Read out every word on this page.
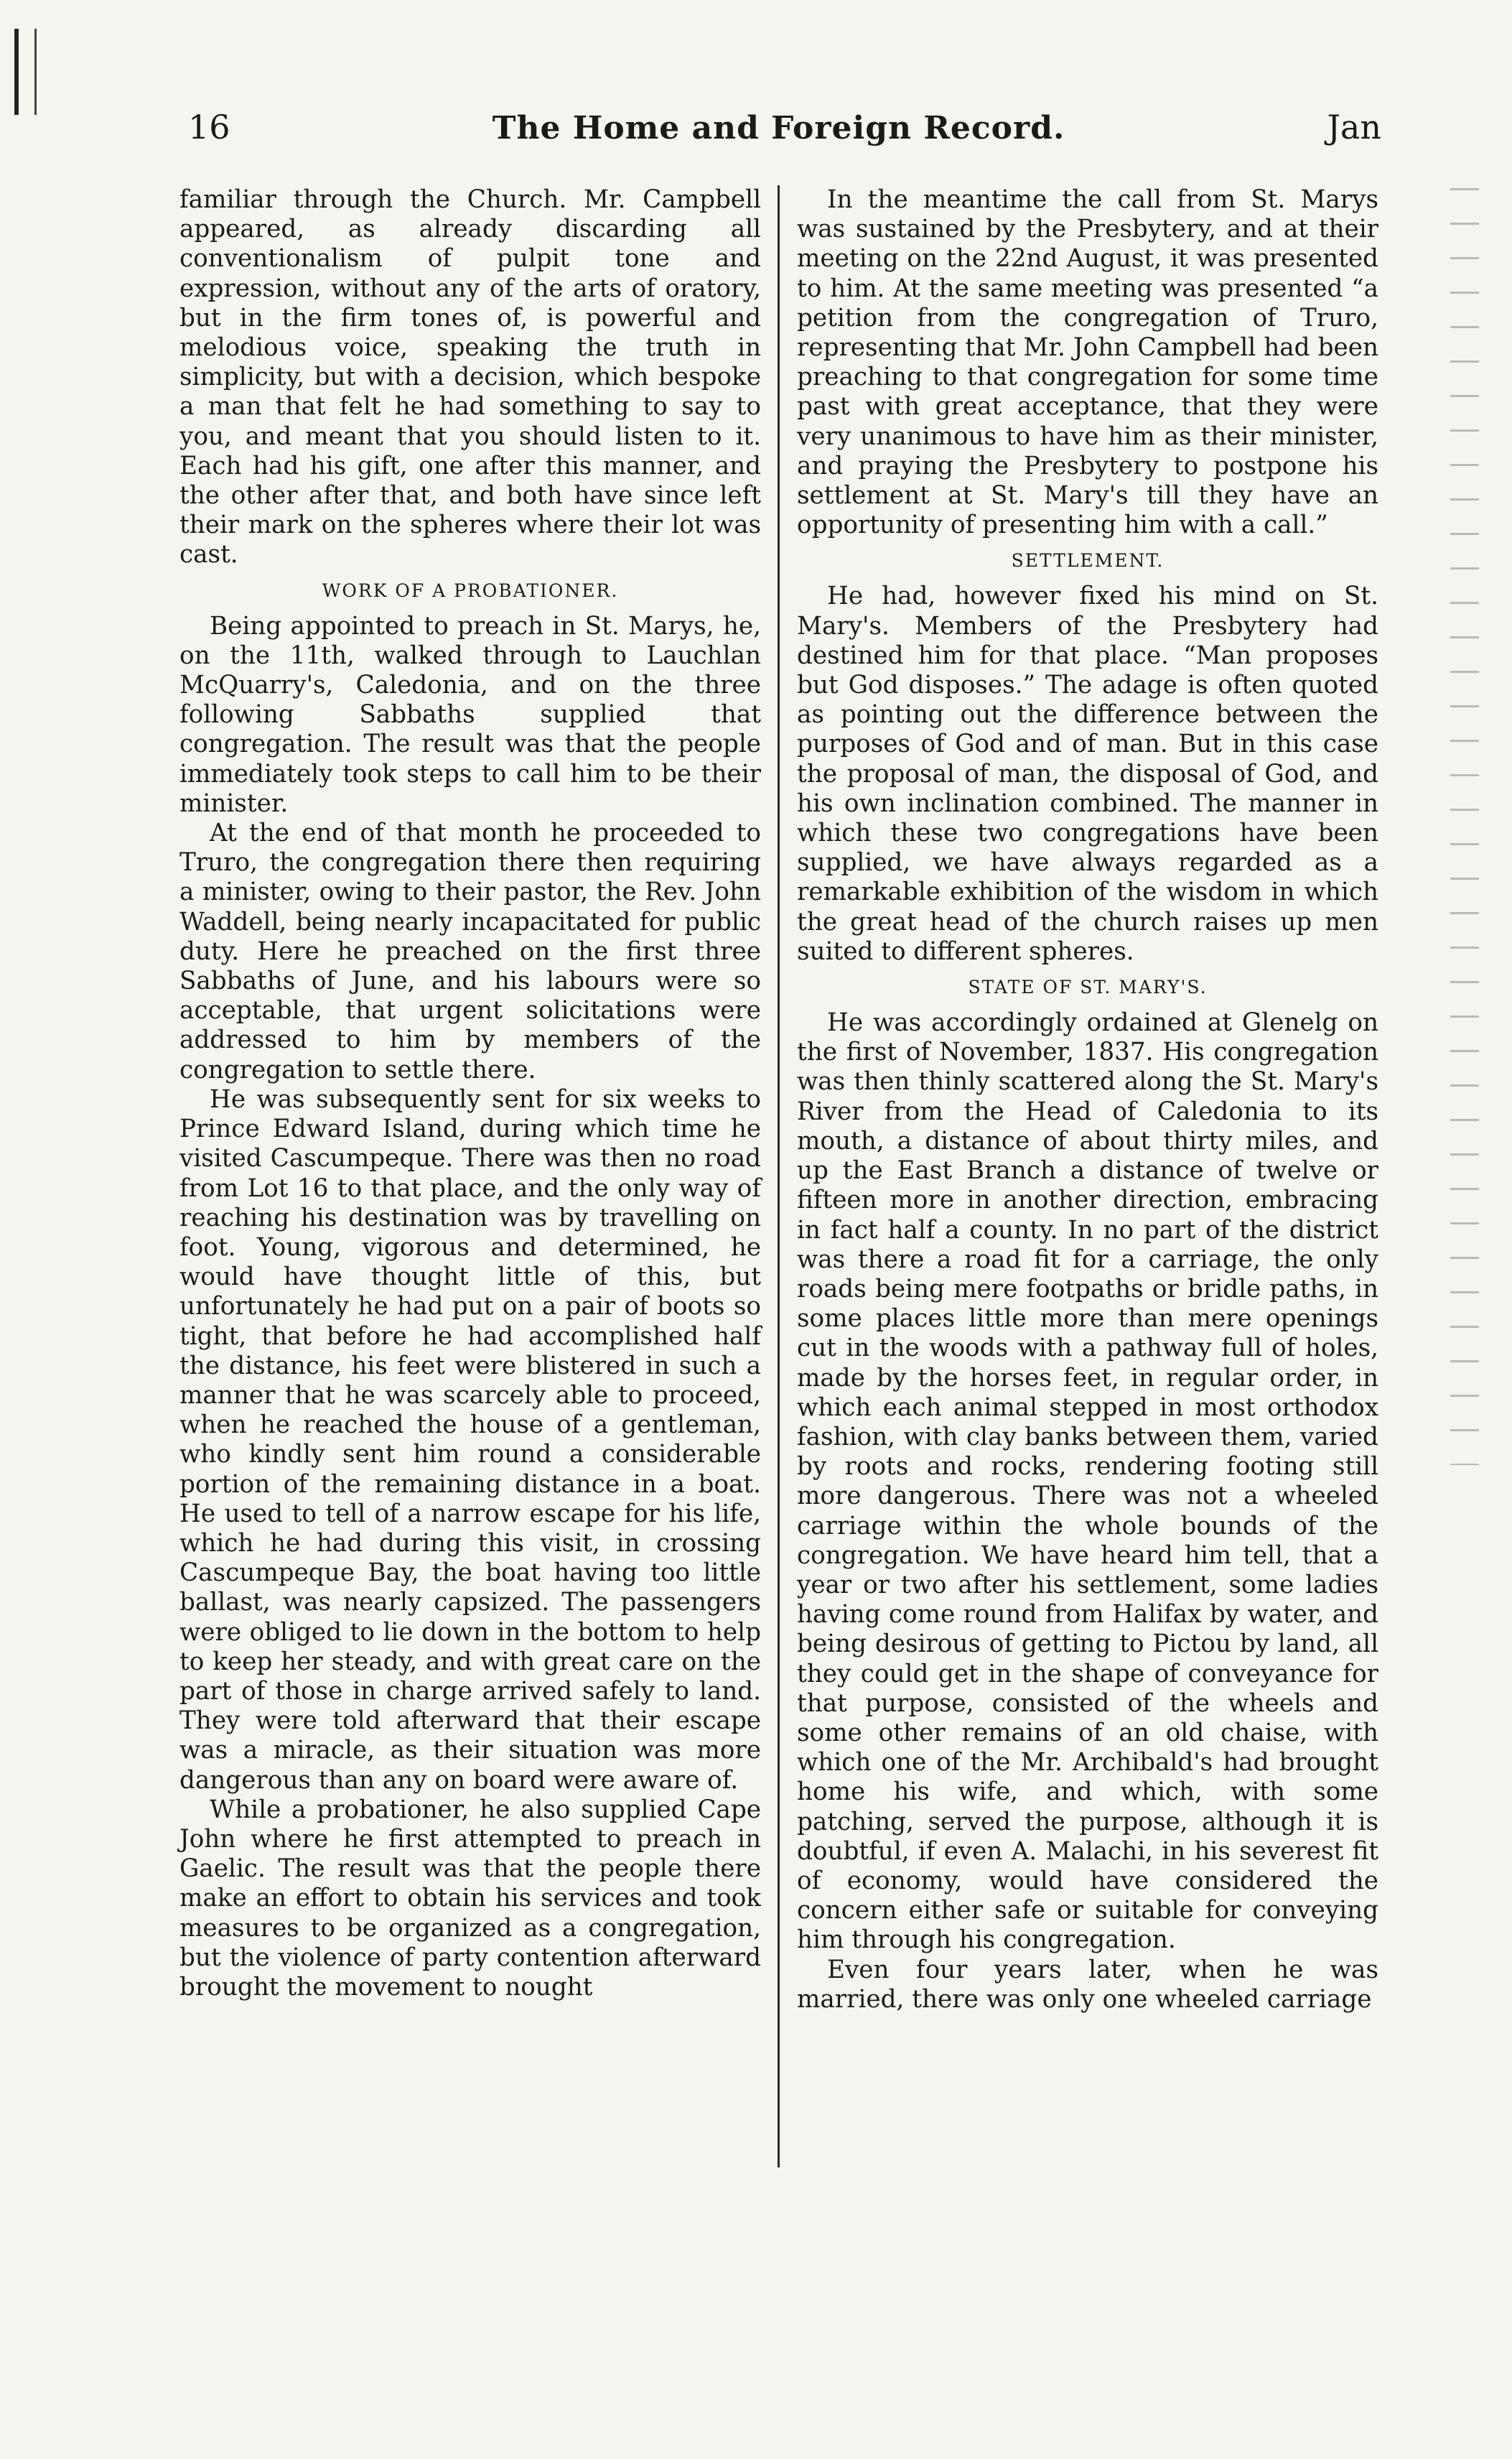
16	The Home and Foreign Record.	Jan

familiar through the Church. Mr. Campbell appeared, as already discarding all conventionalism of pulpit tone and expression, without any of the arts of oratory, but in the firm tones of, is powerful and melodious voice, speaking the truth in simplicity, but with a decision, which bespoke a man that felt he had something to say to you, and meant that you should listen to it. Each had his gift, one after this manner, and the other after that, and both have since left their mark on the spheres where their lot was cast.

WORK OF A PROBATIONER.

Being appointed to preach in St. Marys, he, on the 11th, walked through to Lauchlan McQuarry's, Caledonia, and on the three following Sabbaths supplied that congregation. The result was that the people immediately took steps to call him to be their minister.

At the end of that month he proceeded to Truro, the congregation there then requiring a minister, owing to their pastor, the Rev. John Waddell, being nearly incapacitated for public duty. Here he preached on the first three Sabbaths of June, and his labours were so acceptable, that urgent solicitations were addressed to him by members of the congregation to settle there.

He was subsequently sent for six weeks to Prince Edward Island, during which time he visited Cascumpeque. There was then no road from Lot 16 to that place, and the only way of reaching his destination was by travelling on foot. Young, vigorous and determined, he would have thought little of this, but unfortunately he had put on a pair of boots so tight, that before he had accomplished half the distance, his feet were blistered in such a manner that he was scarcely able to proceed, when he reached the house of a gentleman, who kindly sent him round a considerable portion of the remaining distance in a boat. He used to tell of a narrow escape for his life, which he had during this visit, in crossing Cascumpeque Bay, the boat having too little ballast, was nearly capsized. The passengers were obliged to lie down in the bottom to help to keep her steady, and with great care on the part of those in charge arrived safely to land. They were told afterward that their escape was a miracle, as their situation was more dangerous than any on board were aware of.

While a probationer, he also supplied Cape John where he first attempted to preach in Gaelic. The result was that the people there make an effort to obtain his services and took measures to be organized as a congregation, but the violence of party contention afterward brought the movement to nought

In the meantime the call from St. Marys was sustained by the Presbytery, and at their meeting on the 22nd August, it was presented to him. At the same meeting was presented “a petition from the congregation of Truro, representing that Mr. John Campbell had been preaching to that congregation for some time past with great acceptance, that they were very unanimous to have him as their minister, and praying the Presbytery to postpone his settlement at St. Mary's till they have an opportunity of presenting him with a call.”

SETTLEMENT.

He had, however fixed his mind on St. Mary's. Members of the Presbytery had destined him for that place. “Man proposes but God disposes.” The adage is often quoted as pointing out the difference between the purposes of God and of man. But in this case the proposal of man, the disposal of God, and his own inclination combined. The manner in which these two congregations have been supplied, we have always regarded as a remarkable exhibition of the wisdom in which the great head of the church raises up men suited to different spheres.

STATE OF ST. MARY'S.

He was accordingly ordained at Glenelg on the first of November, 1837. His congregation was then thinly scattered along the St. Mary's River from the Head of Caledonia to its mouth, a distance of about thirty miles, and up the East Branch a distance of twelve or fifteen more in another direction, embracing in fact half a county. In no part of the district was there a road fit for a carriage, the only roads being mere footpaths or bridle paths, in some places little more than mere openings cut in the woods with a pathway full of holes, made by the horses feet, in regular order, in which each animal stepped in most orthodox fashion, with clay banks between them, varied by roots and rocks, rendering footing still more dangerous. There was not a wheeled carriage within the whole bounds of the congregation. We have heard him tell, that a year or two after his settlement, some ladies having come round from Halifax by water, and being desirous of getting to Pictou by land, all they could get in the shape of conveyance for that purpose, consisted of the wheels and some other remains of an old chaise, with which one of the Mr. Archibald's had brought home his wife, and which, with some patching, served the purpose, although it is doubtful, if even A. Malachi, in his severest fit of economy, would have considered the concern either safe or suitable for conveying him through his congregation.

Even four years later, when he was married, there was only one wheeled carriage
